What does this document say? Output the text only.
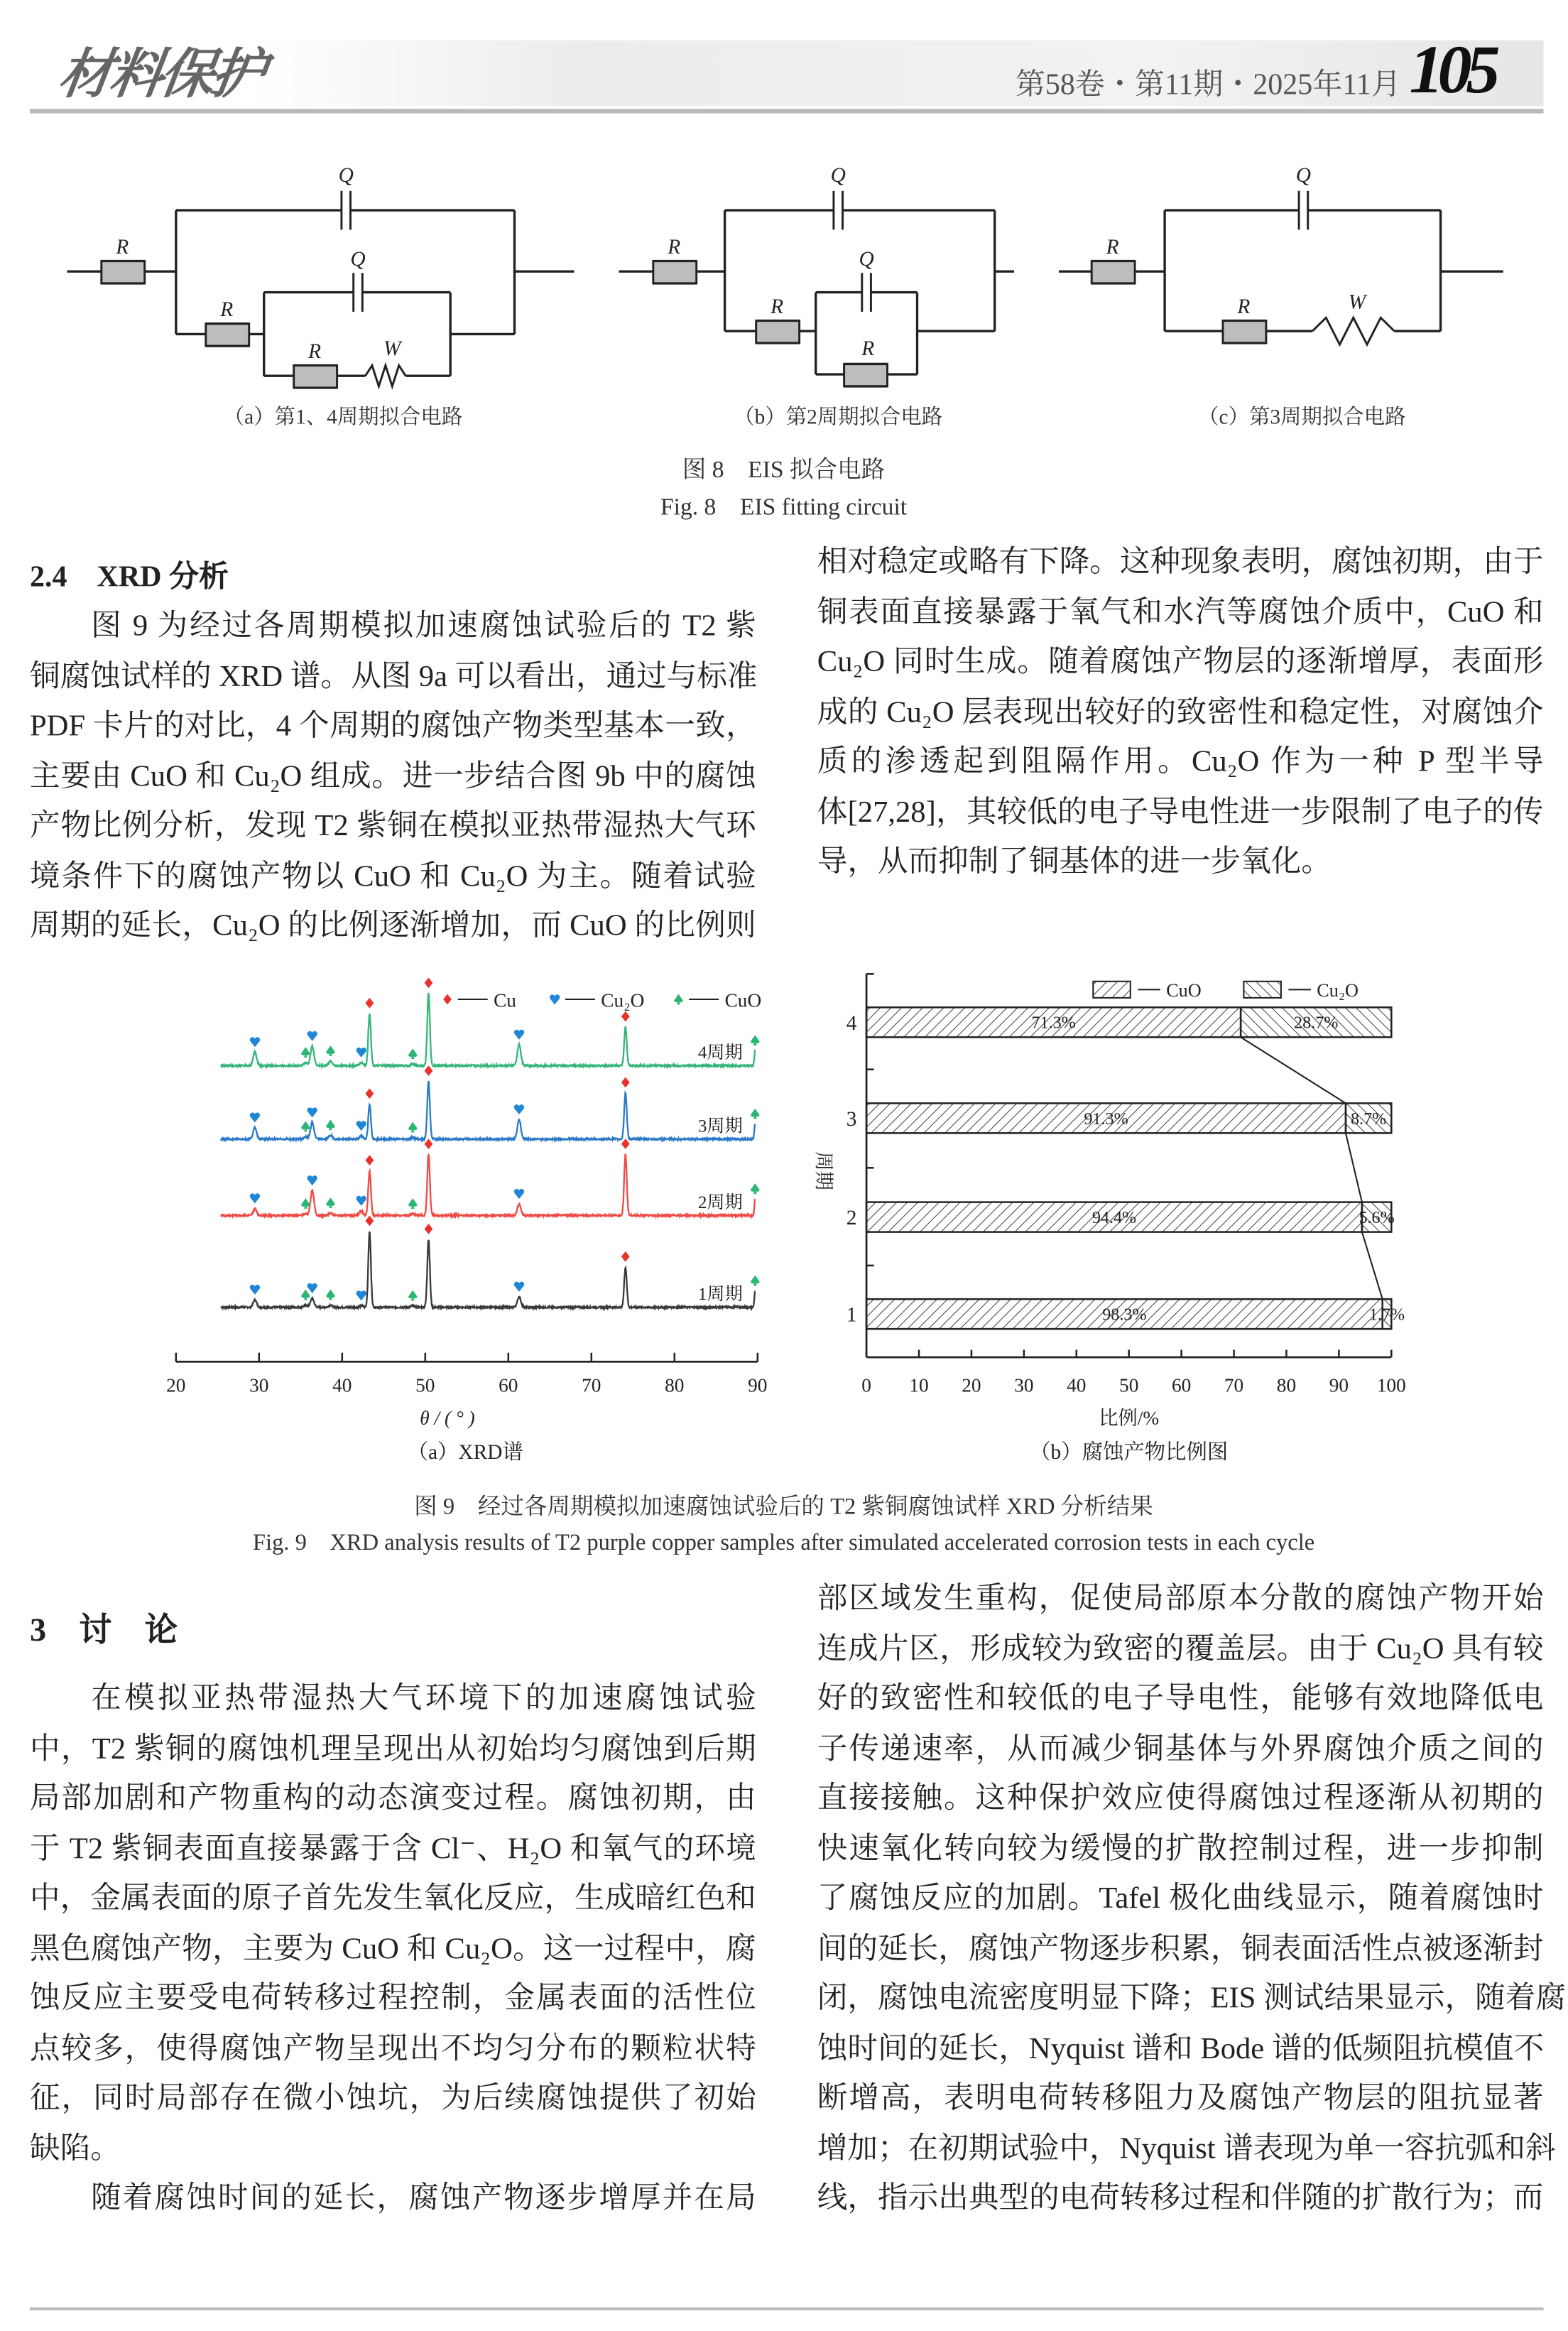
材料保护	第58卷・第11期・2025年11月 105
R
Q
R
Q
R	W
R
Q
R
Q
R
R
Q
R	W
（a）第1、4周期拟合电路	（b）第2周期拟合电路	（c）第3周期拟合电路
图 8　EIS 拟合电路
Fig. 8　EIS fitting circuit
2.4　XRD 分析
图 9 为经过各周期模拟加速腐蚀试验后的 T2 紫
铜腐蚀试样的 XRD 谱。从图 9a 可以看出，通过与标准
PDF 卡片的对比，4 个周期的腐蚀产物类型基本一致，
主要由 CuO 和 Cu₂O 组成。进一步结合图 9b 中的腐蚀
产物比例分析，发现 T2 紫铜在模拟亚热带湿热大气环
境条件下的腐蚀产物以 CuO 和 Cu₂O 为主。随着试验
周期的延长，Cu₂O 的比例逐渐增加，而 CuO 的比例则
相对稳定或略有下降。这种现象表明，腐蚀初期，由于
铜表面直接暴露于氧气和水汽等腐蚀介质中，CuO 和
Cu₂O 同时生成。随着腐蚀产物层的逐渐增厚，表面形
成的 Cu₂O 层表现出较好的致密性和稳定性，对腐蚀介
质的渗透起到阻隔作用。Cu₂O 作为一种 P 型半导
体[27,28]，其较低的电子导电性进一步限制了电子的传
导，从而抑制了铜基体的进一步氧化。
20	30	40	50	60	70	80	90
θ / ( ° )
（a）XRD谱
1周期
2周期
3周期
4周期
Cu	Cu₂O	CuO
0	10	20	30	40	50	60	70	80	90	100
1	98.3%	1.7%
2	94.4%	5.6%
3	91.3%	8.7%
4	71.3%	28.7%
比例/%
周期
（b）腐蚀产物比例图
CuO	Cu₂O
图 9　经过各周期模拟加速腐蚀试验后的 T2 紫铜腐蚀试样 XRD 分析结果
Fig. 9　XRD analysis results of T2 purple copper samples after simulated accelerated corrosion tests in each cycle
3　讨　论
在模拟亚热带湿热大气环境下的加速腐蚀试验
中，T2 紫铜的腐蚀机理呈现出从初始均匀腐蚀到后期
局部加剧和产物重构的动态演变过程。腐蚀初期，由
于 T2 紫铜表面直接暴露于含 Cl⁻、H₂O 和氧气的环境
中，金属表面的原子首先发生氧化反应，生成暗红色和
黑色腐蚀产物，主要为 CuO 和 Cu₂O。这一过程中，腐
蚀反应主要受电荷转移过程控制，金属表面的活性位
点较多，使得腐蚀产物呈现出不均匀分布的颗粒状特
征，同时局部存在微小蚀坑，为后续腐蚀提供了初始
缺陷。
随着腐蚀时间的延长，腐蚀产物逐步增厚并在局
部区域发生重构，促使局部原本分散的腐蚀产物开始
连成片区，形成较为致密的覆盖层。由于 Cu₂O 具有较
好的致密性和较低的电子导电性，能够有效地降低电
子传递速率，从而减少铜基体与外界腐蚀介质之间的
直接接触。这种保护效应使得腐蚀过程逐渐从初期的
快速氧化转向较为缓慢的扩散控制过程，进一步抑制
了腐蚀反应的加剧。Tafel 极化曲线显示，随着腐蚀时
间的延长，腐蚀产物逐步积累，铜表面活性点被逐渐封
闭，腐蚀电流密度明显下降；EIS 测试结果显示，随着腐
蚀时间的延长，Nyquist 谱和 Bode 谱的低频阻抗模值不
断增高，表明电荷转移阻力及腐蚀产物层的阻抗显著
增加；在初期试验中，Nyquist 谱表现为单一容抗弧和斜
线，指示出典型的电荷转移过程和伴随的扩散行为；而
